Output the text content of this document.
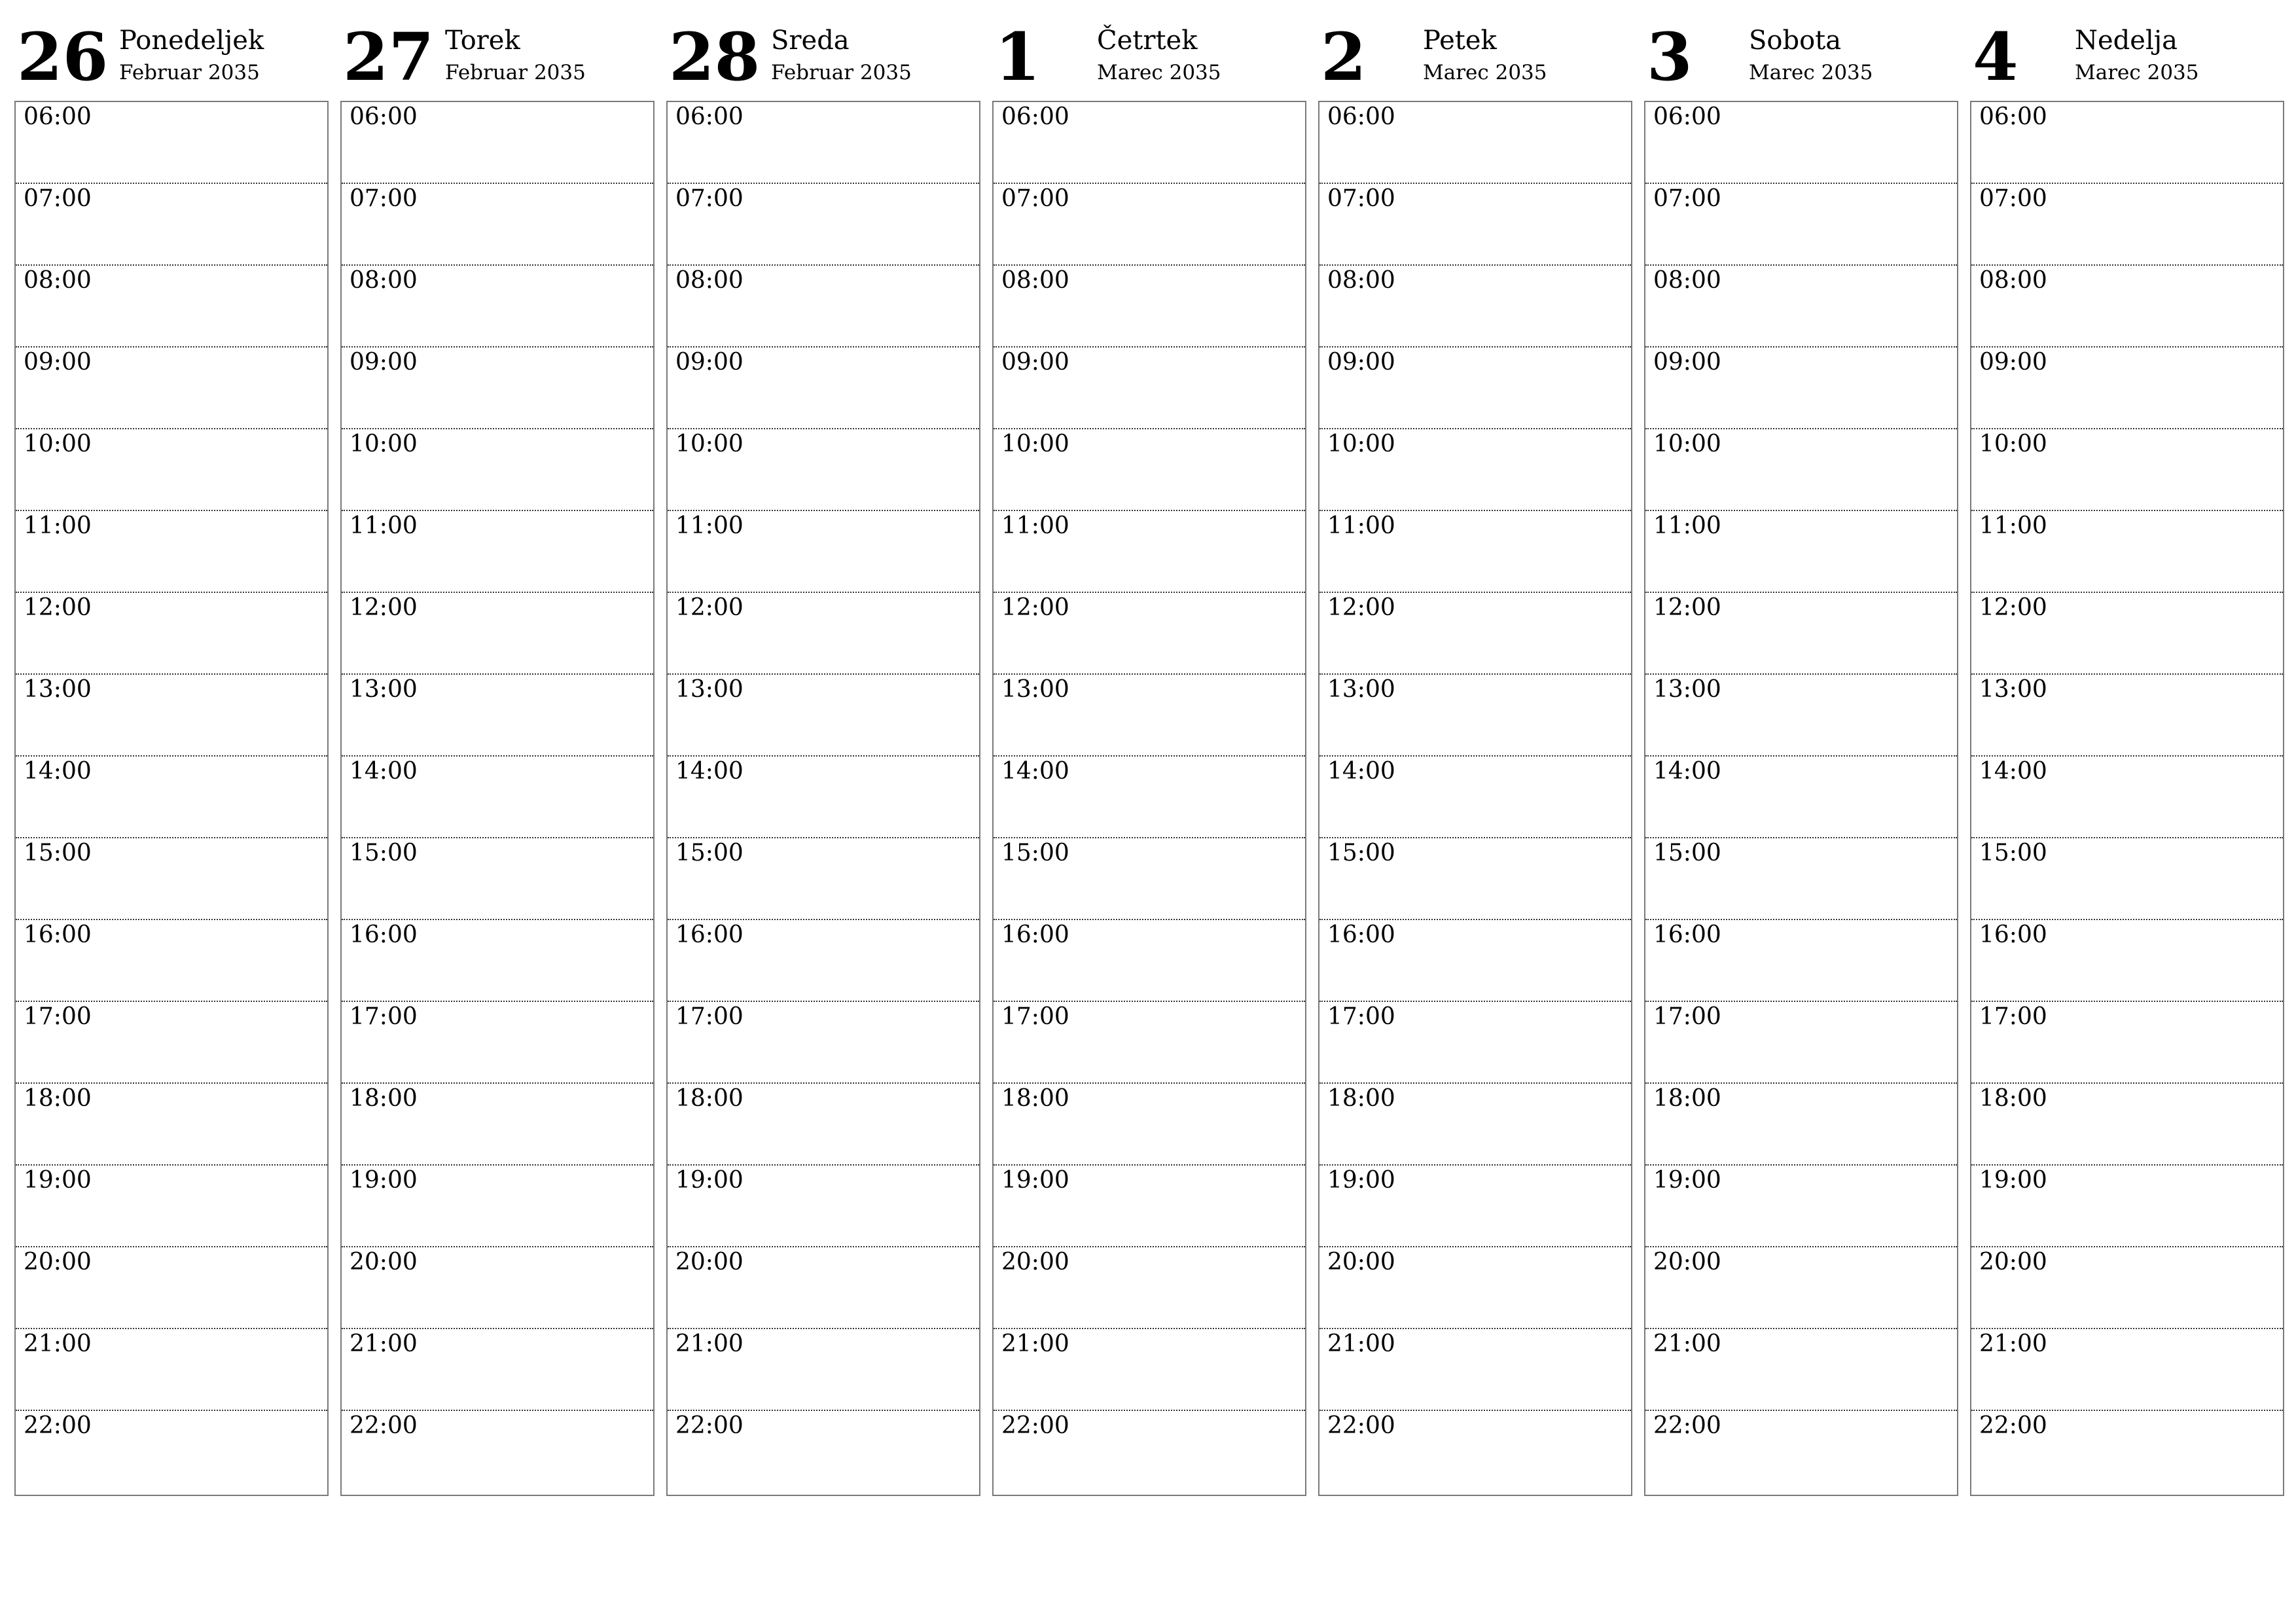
26 Ponedeljek
Februar 2035
06:00
07:00
08:00
09:00
10:00
11:00
12:00
13:00
14:00
15:00
16:00
17:00
18:00
19:00
20:00
21:00
22:00
27 Torek
Februar 2035
06:00
07:00
08:00
09:00
10:00
11:00
12:00
13:00
14:00
15:00
16:00
17:00
18:00
19:00
20:00
21:00
22:00
28 Sreda
Februar 2035
06:00
07:00
08:00
09:00
10:00
11:00
12:00
13:00
14:00
15:00
16:00
17:00
18:00
19:00
20:00
21:00
22:00
1 Četrtek
Marec 2035
06:00
07:00
08:00
09:00
10:00
11:00
12:00
13:00
14:00
15:00
16:00
17:00
18:00
19:00
20:00
21:00
22:00
2 Petek
Marec 2035
06:00
07:00
08:00
09:00
10:00
11:00
12:00
13:00
14:00
15:00
16:00
17:00
18:00
19:00
20:00
21:00
22:00
3 Sobota
Marec 2035
06:00
07:00
08:00
09:00
10:00
11:00
12:00
13:00
14:00
15:00
16:00
17:00
18:00
19:00
20:00
21:00
22:00
4 Nedelja
Marec 2035
06:00
07:00
08:00
09:00
10:00
11:00
12:00
13:00
14:00
15:00
16:00
17:00
18:00
19:00
20:00
21:00
22:00
